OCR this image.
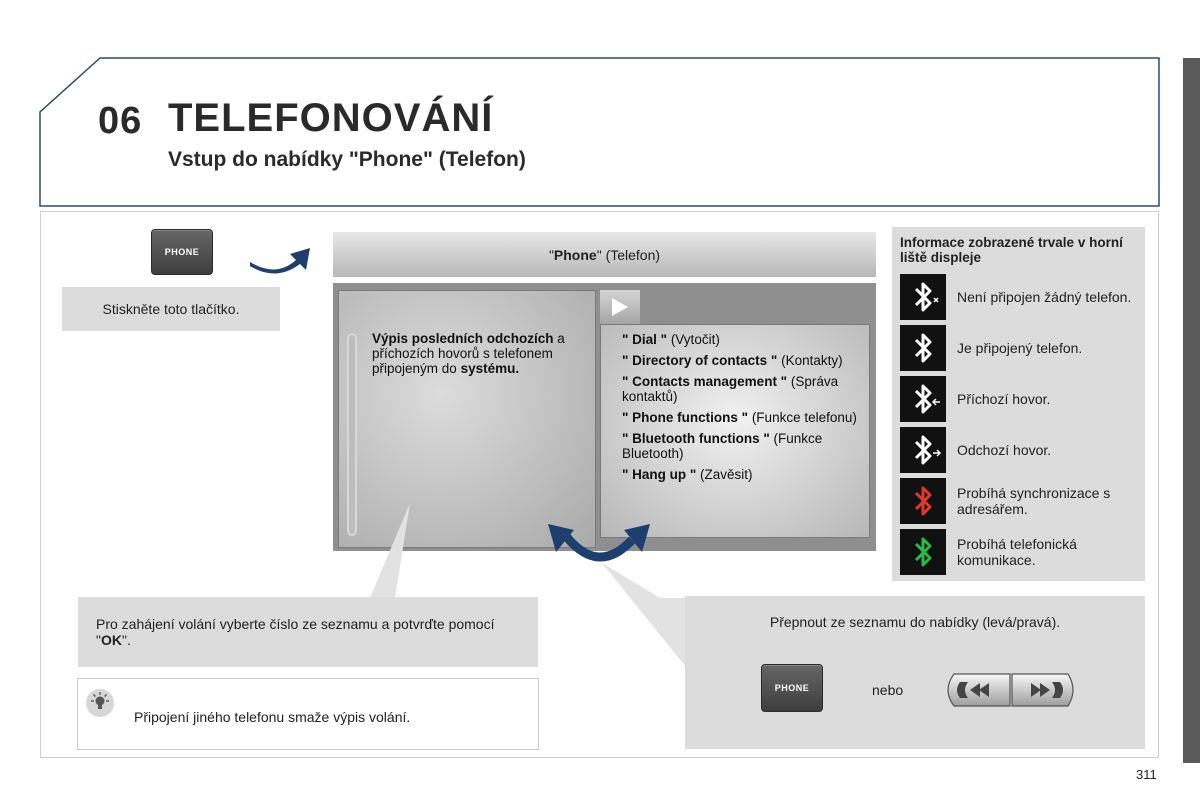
06 TELEFONOVÁNÍ
Vstup do nabídky "Phone" (Telefon)
PHONE
Stiskněte toto tlačítko.
"Phone" (Telefon)
Výpis posledních odchozích a příchozích hovorů s telefonem připojeným do systému.
" Dial " (Vytočit)
" Directory of contacts " (Kontakty)
" Contacts management " (Správa kontaktů)
" Phone functions " (Funkce telefonu)
" Bluetooth functions " (Funkce Bluetooth)
" Hang up " (Zavěsit)
Pro zahájení volání vyberte číslo ze seznamu a potvrďte pomocí "OK".
Připojení jiného telefonu smaže výpis volání.
Přepnout ze seznamu do nabídky (levá/pravá).
PHONE	nebo
Informace zobrazené trvale v horní liště displeje
Není připojen žádný telefon.
Je připojený telefon.
Příchozí hovor.
Odchozí hovor.
Probíhá synchronizace s adresářem.
Probíhá telefonická komunikace.
311
